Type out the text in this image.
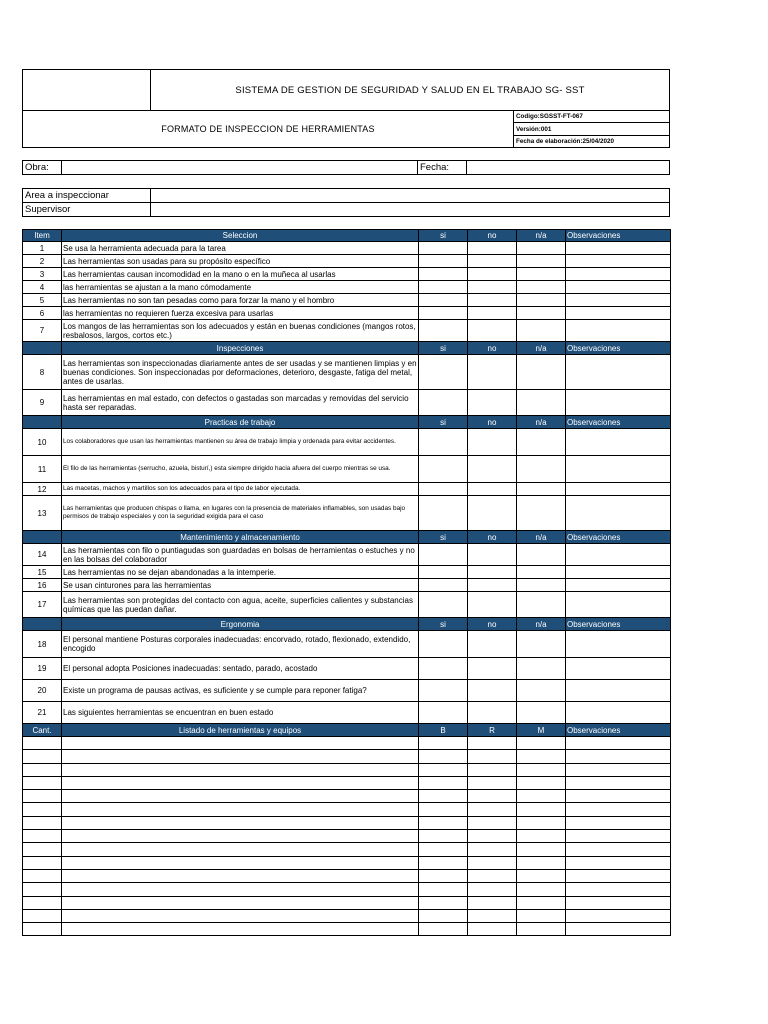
SISTEMA DE GESTION DE SEGURIDAD Y SALUD EN EL TRABAJO SG- SST
FORMATO DE INSPECCION DE HERRAMIENTAS
Codigo:SGSST-FT-067
Versión:001
Fecha de elaboración:25/04/2020
Obra:	Fecha:
Area a inspeccionar
Supervisor
Item	Seleccion	si	no	n/a	Observaciones
1	Se usa la herramienta adecuada para la tarea				
2	Las herramientas son usadas para su propósito específico				
3	Las herramientas causan incomodidad en la mano o en la muñeca al usarlas				
4	las herramientas se ajustan a la mano cómodamente				
5	Las herramientas no son tan pesadas como para forzar la mano y el hombro				
6	las herramientas no requieren fuerza excesiva para usarlas				
7	Los mangos de las herramientas son los adecuados y están en buenas condiciones (mangos rotos, resbalosos, largos, cortos etc.)				
	Inspecciones	si	no	n/a	Observaciones
8	Las herramientas son inspeccionadas diariamente antes de ser usadas y se mantienen limpias y en buenas condiciones. Son inspeccionadas por deformaciones, deterioro, desgaste, fatiga del metal, antes de usarlas.				
9	Las herramientas en mal estado, con defectos o gastadas son marcadas y removidas del servicio hasta ser reparadas.				
	Practicas de trabajo	si	no	n/a	Observaciones
10	Los colaboradores que usan las herramientas mantienen su área de trabajo limpia y ordenada para evitar accidentes.				
11	El filo de las herramientas (serrucho, azuela, bisturí,) esta siempre dirigido hacia afuera del cuerpo mientras se usa.				
12	Las macetas, machos y martillos son los adecuados para el tipo de labor ejecutada.				
13	Las herramientas que producen chispas o llama, en lugares con la presencia de materiales inflamables, son usadas bajo permisos de trabajo especiales y con la seguridad exigida para el caso				
	Mantenimiento y almacenamiento	si	no	n/a	Observaciones
14	Las herramientas con filo o puntiagudas son guardadas en bolsas de herramientas o estuches y no en las bolsas del colaborador				
15	Las herramientas no se dejan abandonadas a la intemperie.				
16	Se usan cinturones para las herramientas				
17	Las herramientas son protegidas del contacto con agua, aceite, superficies calientes y substancias químicas que las puedan dañar.				
	Ergonomia	si	no	n/a	Observaciones
18	El personal mantiene Posturas corporales inadecuadas: encorvado, rotado, flexionado, extendido, encogido				
19	El personal adopta Posiciones inadecuadas: sentado, parado, acostado				
20	Existe un programa de pausas activas, es suficiente y se cumple para reponer fatiga?				
21	Las siguientes herramientas se encuentran en buen estado				
Cant.	Listado de herramientas y equipos	B	R	M	Observaciones
